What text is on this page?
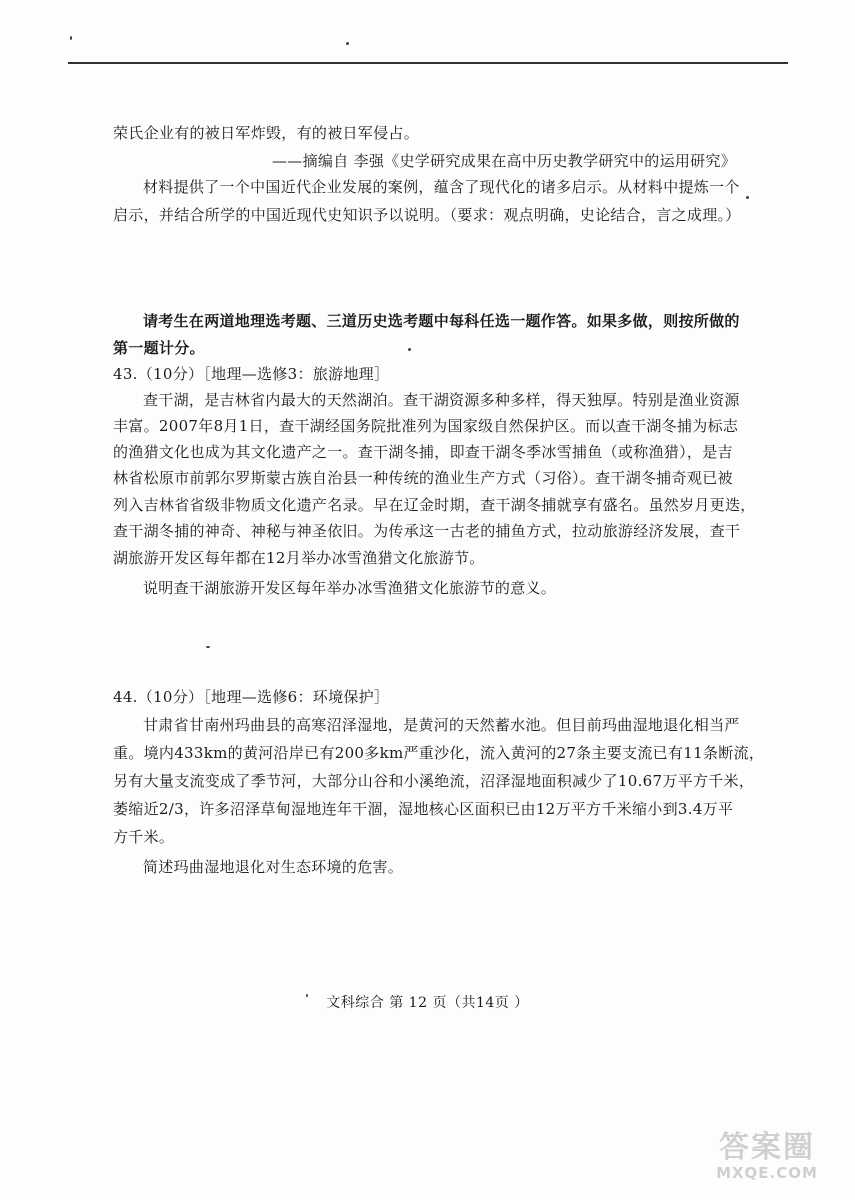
荣氏企业有的被日军炸毁，有的被日军侵占。
——摘编自 李强《史学研究成果在高中历史教学研究中的运用研究》
材料提供了一个中国近代企业发展的案例，蕴含了现代化的诸多启示。从材料中提炼一个
启示，并结合所学的中国近现代史知识予以说明。（要求：观点明确，史论结合，言之成理。）
请考生在两道地理选考题、三道历史选考题中每科任选一题作答。如果多做，则按所做的
第一题计分。
43.（10分）［地理—选修3：旅游地理］
查干湖，是吉林省内最大的天然湖泊。查干湖资源多种多样，得天独厚。特别是渔业资源
丰富。2007年8月1日，查干湖经国务院批准列为国家级自然保护区。而以查干湖冬捕为标志
的渔猎文化也成为其文化遗产之一。查干湖冬捕，即查干湖冬季冰雪捕鱼（或称渔猎），是吉
林省松原市前郭尔罗斯蒙古族自治县一种传统的渔业生产方式（习俗）。查干湖冬捕奇观已被
列入吉林省省级非物质文化遗产名录。早在辽金时期，查干湖冬捕就享有盛名。虽然岁月更迭，
查干湖冬捕的神奇、神秘与神圣依旧。为传承这一古老的捕鱼方式，拉动旅游经济发展，查干
湖旅游开发区每年都在12月举办冰雪渔猎文化旅游节。
说明查干湖旅游开发区每年举办冰雪渔猎文化旅游节的意义。
44.（10分）［地理—选修6：环境保护］
甘肃省甘南州玛曲县的高寒沼泽湿地，是黄河的天然蓄水池。但目前玛曲湿地退化相当严
重。境内433km的黄河沿岸已有200多km严重沙化，流入黄河的27条主要支流已有11条断流，
另有大量支流变成了季节河，大部分山谷和小溪绝流，沼泽湿地面积减少了10.67万平方千米，
萎缩近2/3，许多沼泽草甸湿地连年干涸，湿地核心区面积已由12万平方千米缩小到3.4万平
方千米。
简述玛曲湿地退化对生态环境的危害。
文科综合 第 12 页（共14页 ）
答案圈
MXQE.COM
